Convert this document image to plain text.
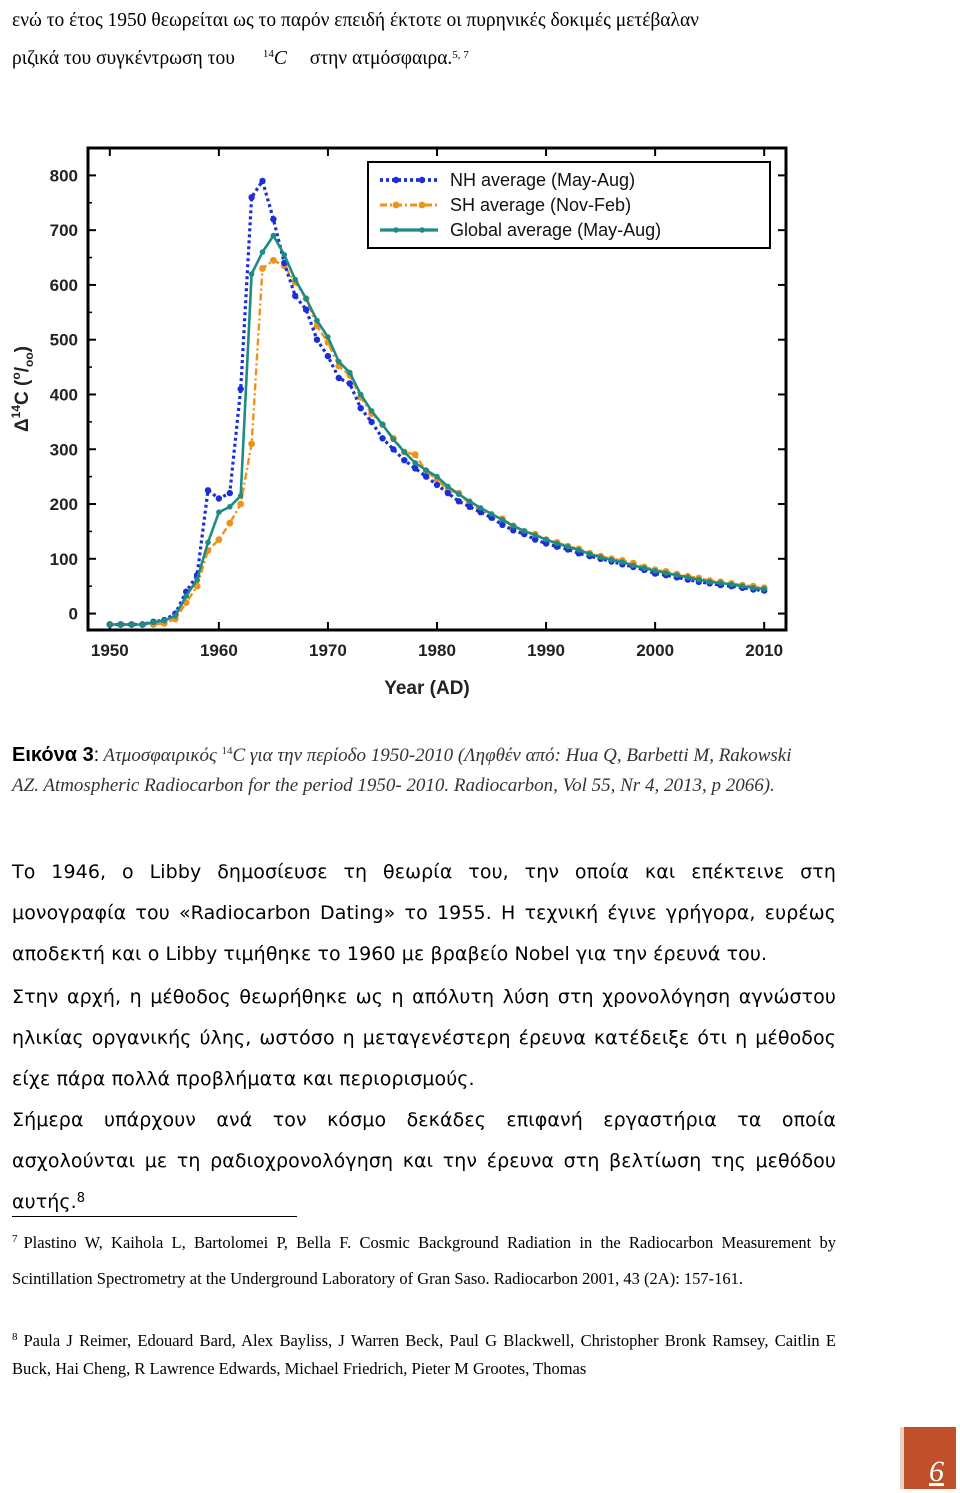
ενώ το έτος 1950 θεωρείται ως το παρόν επειδή έκτοτε οι πυρηνικές δοκιμές μετέβαλαν
ριζικά του συγκέντρωση του	$^{14}$C στην ατμόσφαιρα.$^{5, 7}$
1950	1960	1970	1980	1990	2000	2010
0
100
200
300
400
500
600
700
800
Year (AD)
$\Delta^{14}C$ $(^o/_{oo})$
NH average (May-Aug)
SH average (Nov-Feb)
Global average (May-Aug)
Εικόνα 3: Ατμοσφαιρικός $^{14}$C για την περίοδο 1950-2010 (Ληφθέν από: Hua Q, Barbetti M, Rakowski
AZ. Atmospheric Radiocarbon for the period 1950- 2010. Radiocarbon, Vol 55, Nr 4, 2013, p 2066).
Το 1946, ο Libby δημοσίευσε τη θεωρία του, την οποία και επέκτεινε στη μονογραφία του «Radiocarbon Dating» το 1955. Η τεχνική έγινε γρήγορα, ευρέως αποδεκτή και ο Libby τιμήθηκε το 1960 με βραβείο Nobel για την έρευνά του.
Στην αρχή, η μέθοδος θεωρήθηκε ως η απόλυτη λύση στη χρονολόγηση αγνώστου ηλικίας οργανικής ύλης, ωστόσο η μεταγενέστερη έρευνα κατέδειξε ότι η μέθοδος είχε πάρα πολλά προβλήματα και περιορισμούς.
Σήμερα υπάρχουν ανά τον κόσμο δεκάδες επιφανή εργαστήρια τα οποία ασχολούνται με τη ραδιοχρονολόγηση και την έρευνα στη βελτίωση της μεθόδου αυτής.$^8$
$^7$ Plastino W, Kaihola L, Bartolomei P, Bella F. Cosmic Background Radiation in the Radiocarbon Measurement by Scintillation Spectrometry at the Underground Laboratory of Gran Saso. Radiocarbon 2001, 43 (2A): 157-161.
$^8$ Paula J Reimer, Edouard Bard, Alex Bayliss, J Warren Beck, Paul G Blackwell, Christopher Bronk Ramsey, Caitlin E Buck, Hai Cheng, R Lawrence Edwards, Michael Friedrich, Pieter M Grootes, Thomas
6
